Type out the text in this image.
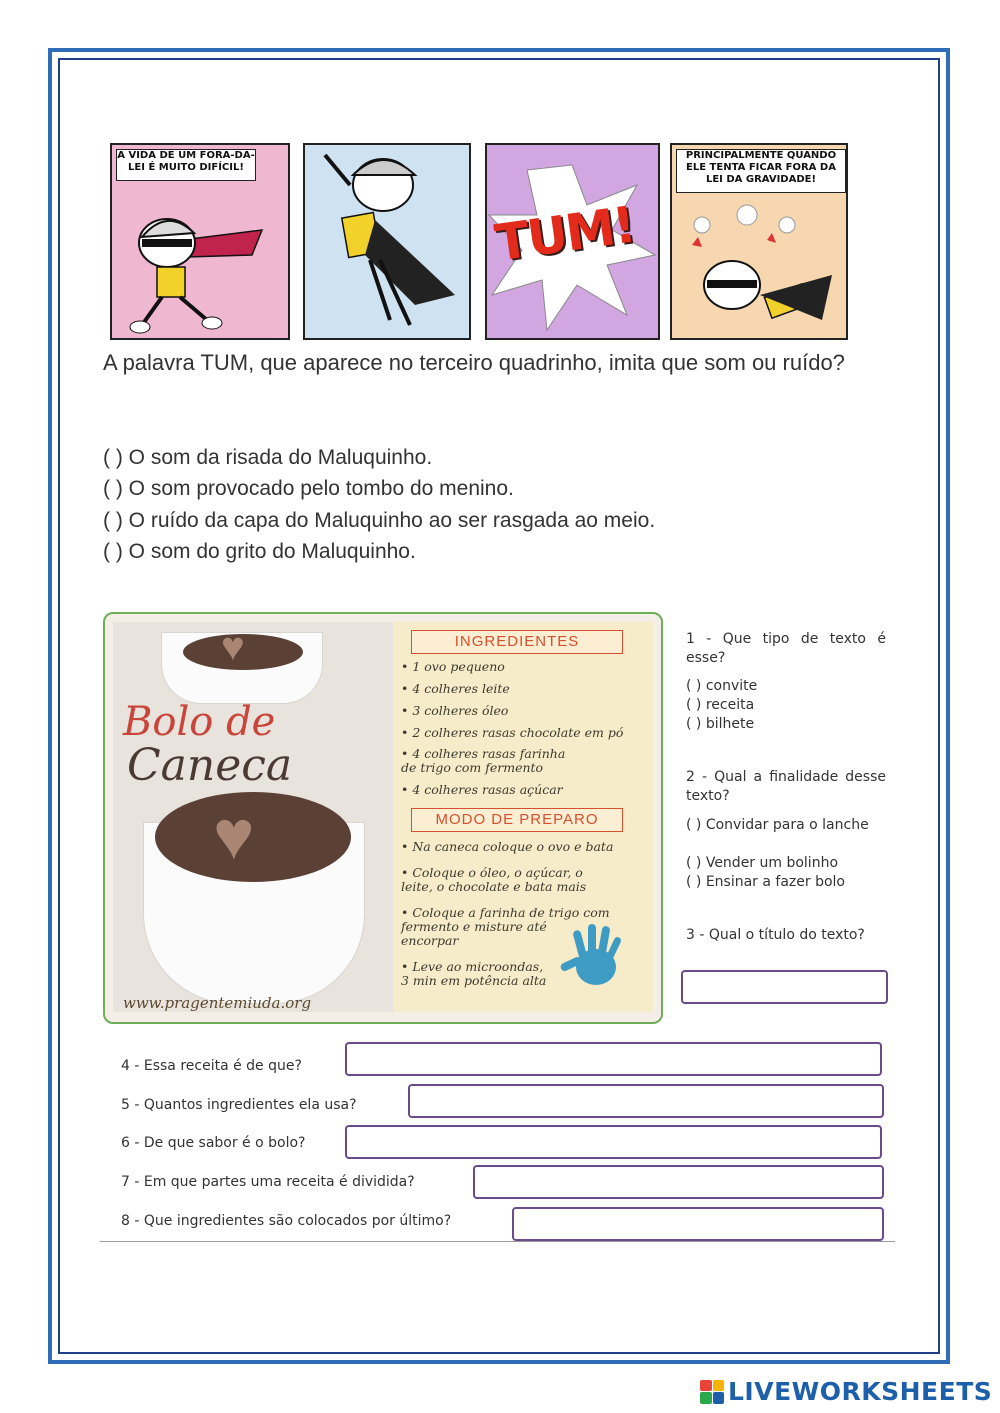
A VIDA DE UM FORA-DA-LEI É MUITO DIFÍCIL!
TUM!
PRINCIPALMENTE QUANDO ELE TENTA FICAR FORA DA LEI DA GRAVIDADE!
A palavra TUM, que aparece no terceiro quadrinho, imita que som ou ruído?
( ) O som da risada do Maluquinho.
( ) O som provocado pelo tombo do menino.
( ) O ruído da capa do Maluquinho ao ser rasgada ao meio.
( ) O som do grito do Maluquinho.
♥
♥
Bolo de
Caneca
www.pragentemiuda.org
INGREDIENTES
• 1 ovo pequeno
• 4 colheres leite
• 3 colheres óleo
• 2 colheres rasas chocolate em pó
• 4 colheres rasas farinha
de trigo com fermento
• 4 colheres rasas açúcar
MODO DE PREPARO
• Na caneca coloque o ovo e bata
• Coloque o óleo, o açúcar, o
leite, o chocolate e bata mais
• Coloque a farinha de trigo com
fermento e misture até
encorpar
• Leve ao microondas,
3 min em potência alta
1 - Que tipo de texto é esse?
( ) convite
( ) receita
( ) bilhete
2 - Qual a finalidade desse texto?
( ) Convidar para o lanche
( ) Vender um bolinho
( ) Ensinar a fazer bolo
3 - Qual o título do texto?
4 - Essa receita é de que?
5 - Quantos ingredientes ela usa?
6 - De que sabor é o bolo?
7 - Em que partes uma receita é dividida?
8 - Que ingredientes são colocados por último?
LIVEWORKSHEETS
